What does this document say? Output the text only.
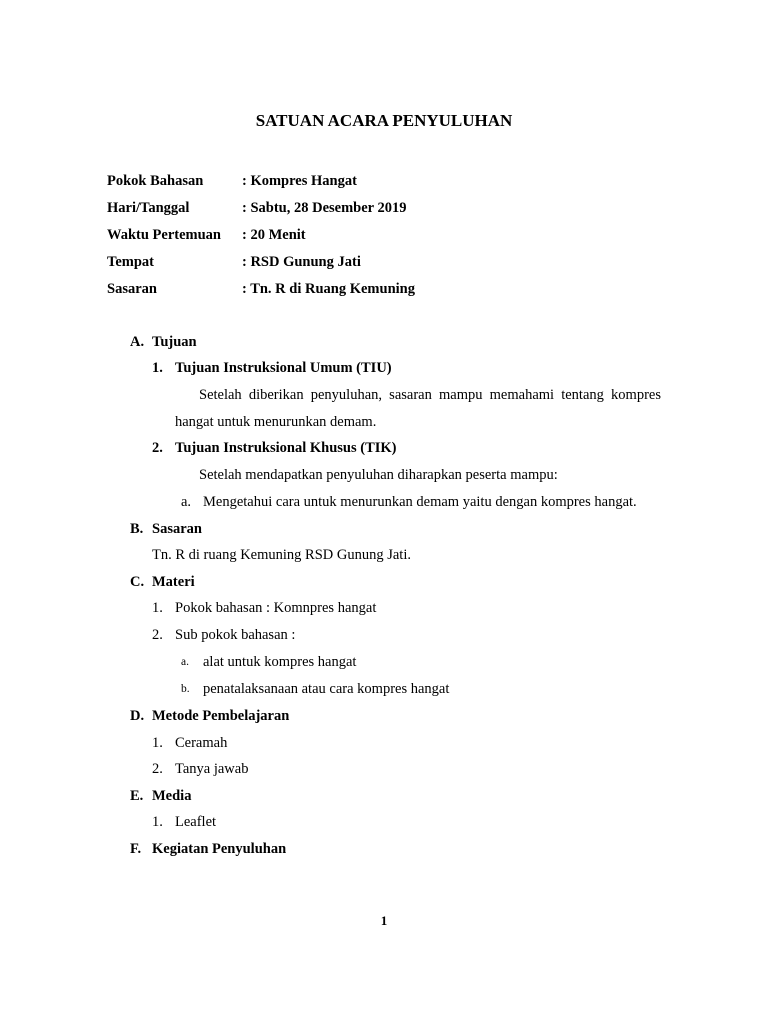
SATUAN ACARA PENYULUHAN
Pokok Bahasan	: Kompres Hangat
Hari/Tanggal	: Sabtu, 28 Desember 2019
Waktu Pertemuan : 20 Menit
Tempat	: RSD Gunung Jati
Sasaran	: Tn. R di Ruang Kemuning
A. Tujuan
1. Tujuan Instruksional Umum (TIU)
Setelah diberikan penyuluhan, sasaran mampu memahami tentang kompres
hangat untuk menurunkan demam.
2. Tujuan Instruksional Khusus (TIK)
Setelah mendapatkan penyuluhan diharapkan peserta mampu:
a. Mengetahui cara untuk menurunkan demam yaitu dengan kompres hangat.
B. Sasaran
Tn. R di ruang Kemuning RSD Gunung Jati.
C. Materi
1. Pokok bahasan : Komnpres hangat
2. Sub pokok bahasan :
a. alat untuk kompres hangat
b. penatalaksanaan atau cara kompres hangat
D. Metode Pembelajaran
1. Ceramah
2. Tanya jawab
E. Media
1. Leaflet
F. Kegiatan Penyuluhan
1
